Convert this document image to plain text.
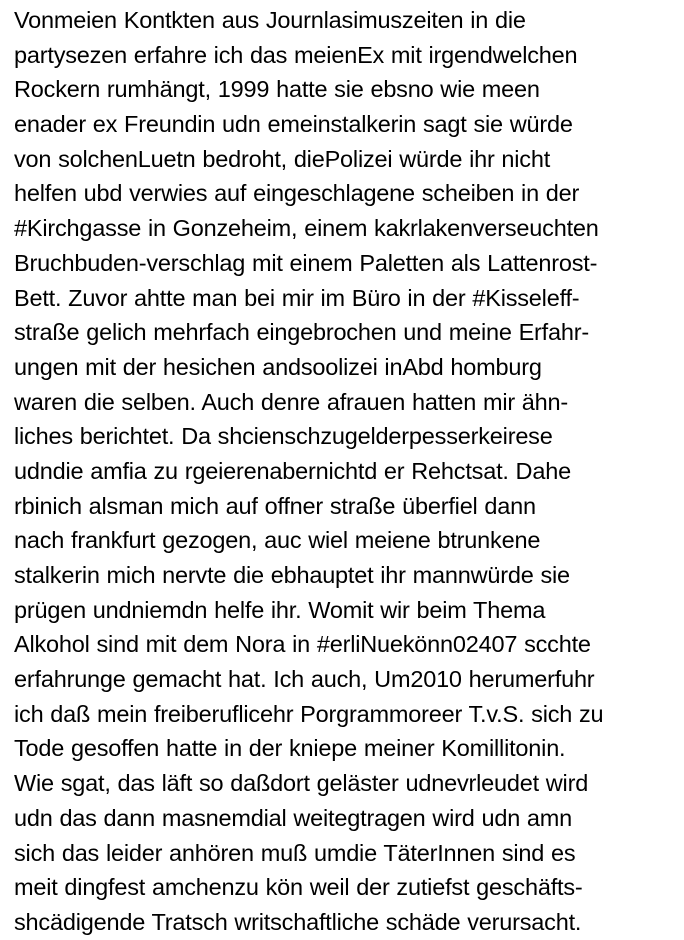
Vonmeien Kontkten aus Journlasimuszeiten in die
partysezen erfahre ich das meienEx mit irgendwelchen
Rockern rumhängt, 1999 hatte sie ebsno wie meen
enader ex Freundin udn emeinstalkerin sagt sie würde
von solchenLuetn bedroht, diePolizei würde ihr nicht
helfen ubd verwies auf eingeschlagene scheiben in der
#Kirchgasse in Gonzeheim, einem kakrlakenverseuchten
Bruchbuden-verschlag mit einem Paletten als Lattenrost-
Bett. Zuvor ahtte man bei mir im Büro in der #Kisseleff-
straße gelich mehrfach eingebrochen und meine Erfahr-
ungen mit der hesichen andsoolizei inAbd homburg
waren die selben. Auch denre afrauen hatten mir ähn-
liches berichtet. Da shcienschzugelderpesserkeirese
udndie amfia zu rgeierenabernichtd er Rehctsat. Dahe
rbinich alsman mich auf offner straße überfiel dann
nach frankfurt gezogen, auc wiel meiene btrunkene
stalkerin mich nervte die ebhauptet ihr mannwürde sie
prügen undniemdn helfe ihr. Womit wir beim Thema
Alkohol sind mit dem Nora in #erliNuekönn02407 scchte
erfahrunge gemacht hat. Ich auch, Um2010 herumerfuhr
ich daß mein freiberuflicehr Porgrammoreer T.v.S. sich zu
Tode gesoffen hatte in der kniepe meiner Komillitonin.
Wie sgat, das läft so daßdort geläster udnevrleudet wird
udn das dann masnemdial weitegtragen wird udn amn
sich das leider anhören muß umdie TäterInnen sind es
meit dingfest amchenzu kön weil der zutiefst geschäfts-
shcädigende Tratsch writschaftliche schäde verursacht.
